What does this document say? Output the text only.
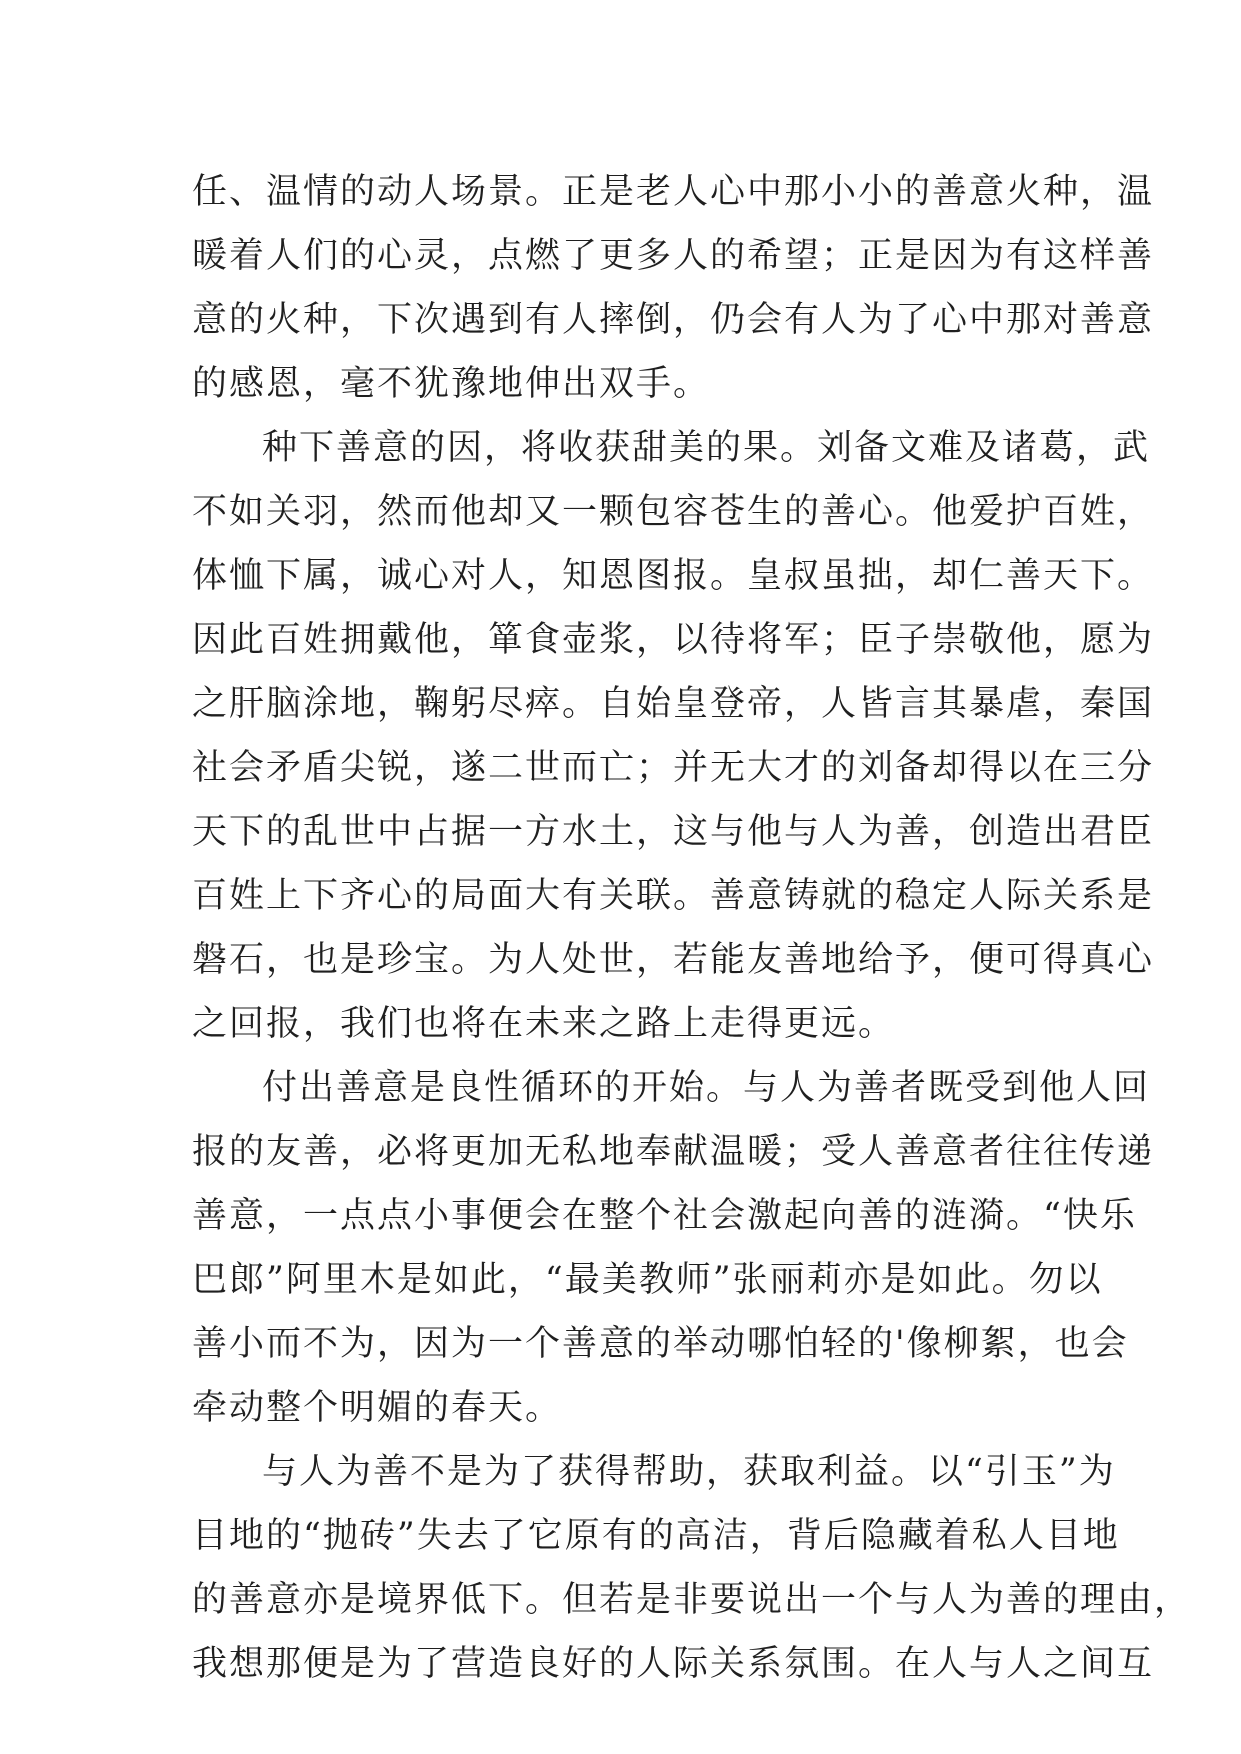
任、温情的动人场景。正是老人心中那小小的善意火种，温
暖着人们的心灵，点燃了更多人的希望；正是因为有这样善
意的火种，下次遇到有人摔倒，仍会有人为了心中那对善意
的感恩，毫不犹豫地伸出双手。
种下善意的因，将收获甜美的果。刘备文难及诸葛，武
不如关羽，然而他却又一颗包容苍生的善心。他爱护百姓，
体恤下属，诚心对人，知恩图报。皇叔虽拙，却仁善天下。
因此百姓拥戴他，箪食壶浆，以待将军；臣子崇敬他，愿为
之肝脑涂地，鞠躬尽瘁。自始皇登帝，人皆言其暴虐，秦国
社会矛盾尖锐，遂二世而亡；并无大才的刘备却得以在三分
天下的乱世中占据一方水土，这与他与人为善，创造出君臣
百姓上下齐心的局面大有关联。善意铸就的稳定人际关系是
磐石，也是珍宝。为人处世，若能友善地给予，便可得真心
之回报，我们也将在未来之路上走得更远。
付出善意是良性循环的开始。与人为善者既受到他人回
报的友善，必将更加无私地奉献温暖；受人善意者往往传递
善意，一点点小事便会在整个社会激起向善的涟漪。“快乐
巴郎”阿里木是如此，“最美教师”张丽莉亦是如此。勿以
善小而不为，因为一个善意的举动哪怕轻的'像柳絮，也会
牵动整个明媚的春天。
与人为善不是为了获得帮助，获取利益。以“引玉”为
目地的“抛砖”失去了它原有的高洁，背后隐藏着私人目地
的善意亦是境界低下。但若是非要说出一个与人为善的理由，
我想那便是为了营造良好的人际关系氛围。在人与人之间互
